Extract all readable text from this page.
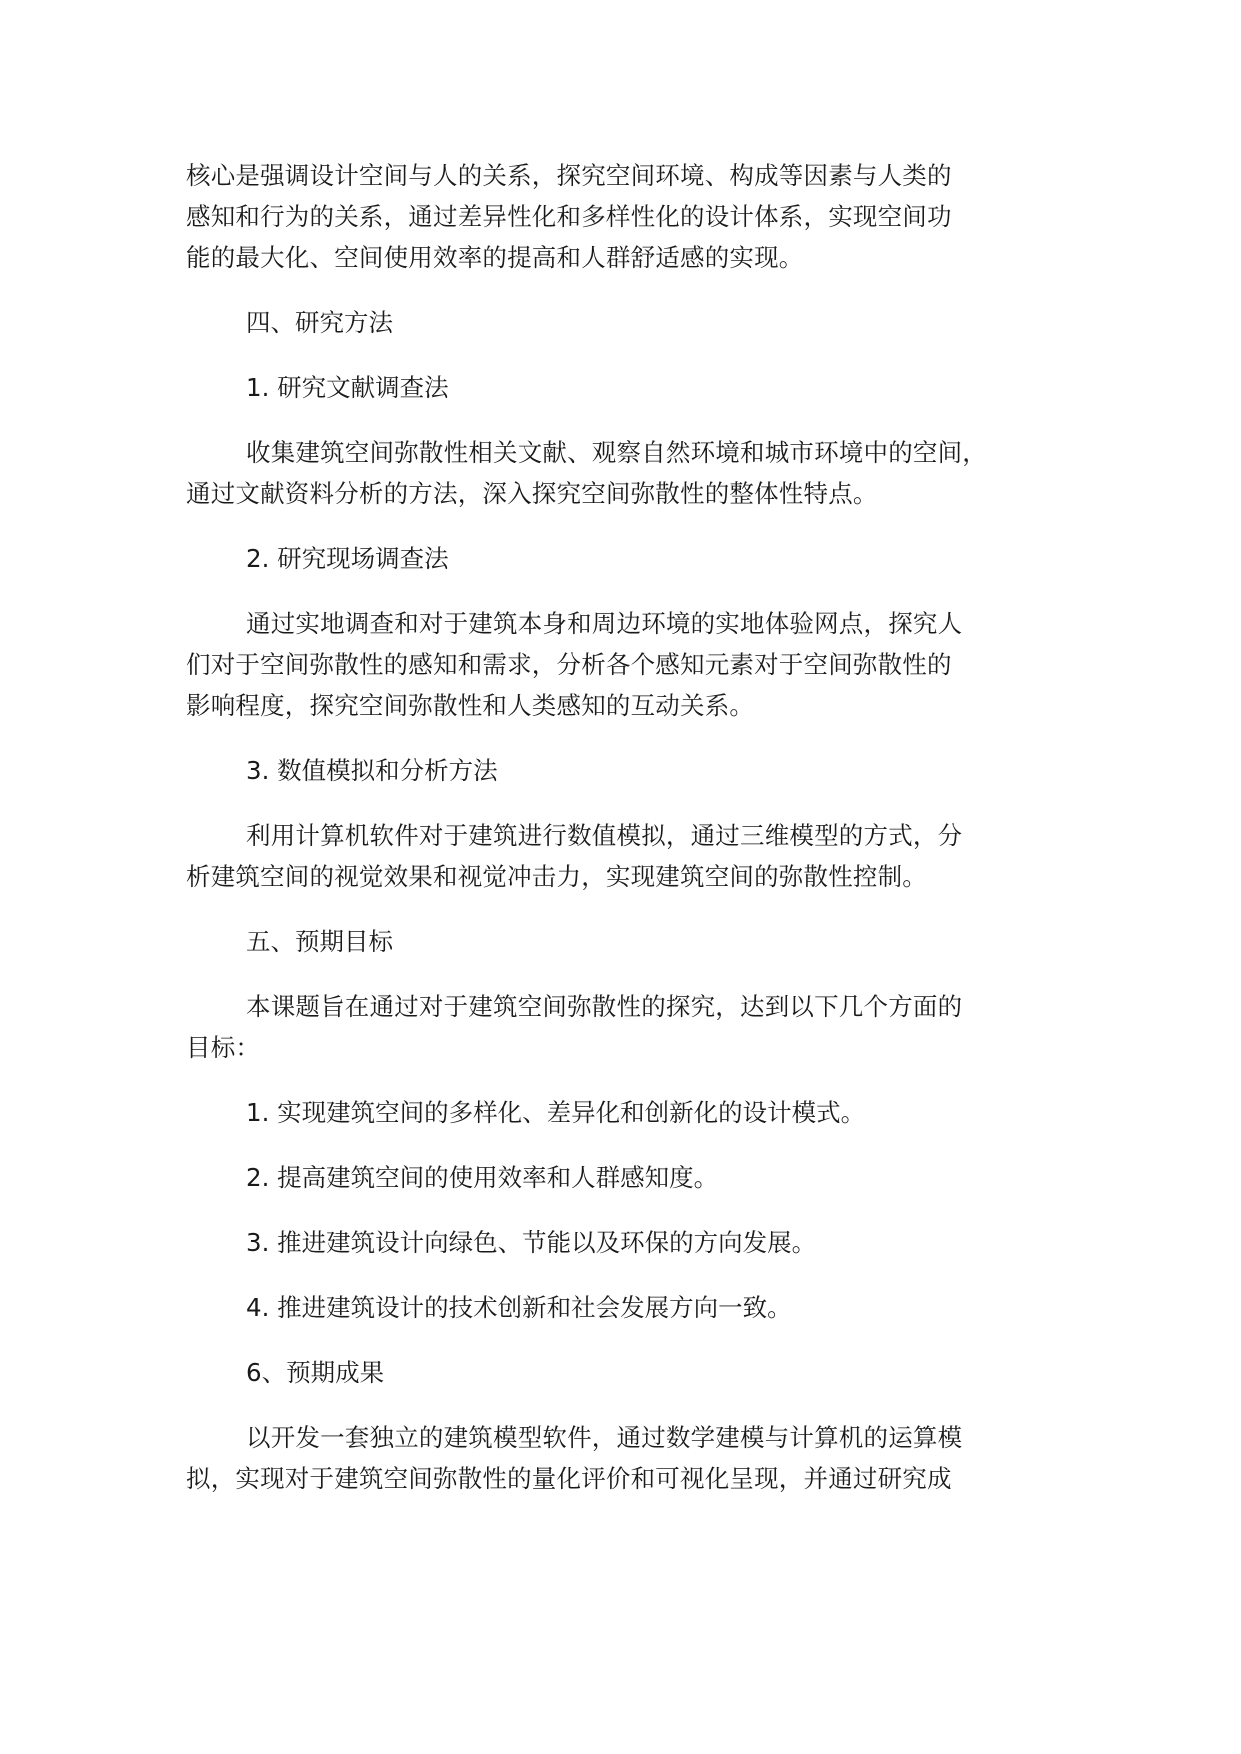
核心是强调设计空间与人的关系，探究空间环境、构成等因素与人类的
感知和行为的关系，通过差异性化和多样性化的设计体系，实现空间功
能的最大化、空间使用效率的提高和人群舒适感的实现。
四、研究方法
1. 研究文献调查法
收集建筑空间弥散性相关文献、观察自然环境和城市环境中的空间，
通过文献资料分析的方法，深入探究空间弥散性的整体性特点。
2. 研究现场调查法
通过实地调查和对于建筑本身和周边环境的实地体验网点，探究人
们对于空间弥散性的感知和需求，分析各个感知元素对于空间弥散性的
影响程度，探究空间弥散性和人类感知的互动关系。
3. 数值模拟和分析方法
利用计算机软件对于建筑进行数值模拟，通过三维模型的方式，分
析建筑空间的视觉效果和视觉冲击力，实现建筑空间的弥散性控制。
五、预期目标
本课题旨在通过对于建筑空间弥散性的探究，达到以下几个方面的
目标：
1. 实现建筑空间的多样化、差异化和创新化的设计模式。
2. 提高建筑空间的使用效率和人群感知度。
3. 推进建筑设计向绿色、节能以及环保的方向发展。
4. 推进建筑设计的技术创新和社会发展方向一致。
6、预期成果
以开发一套独立的建筑模型软件，通过数学建模与计算机的运算模
拟，实现对于建筑空间弥散性的量化评价和可视化呈现，并通过研究成
